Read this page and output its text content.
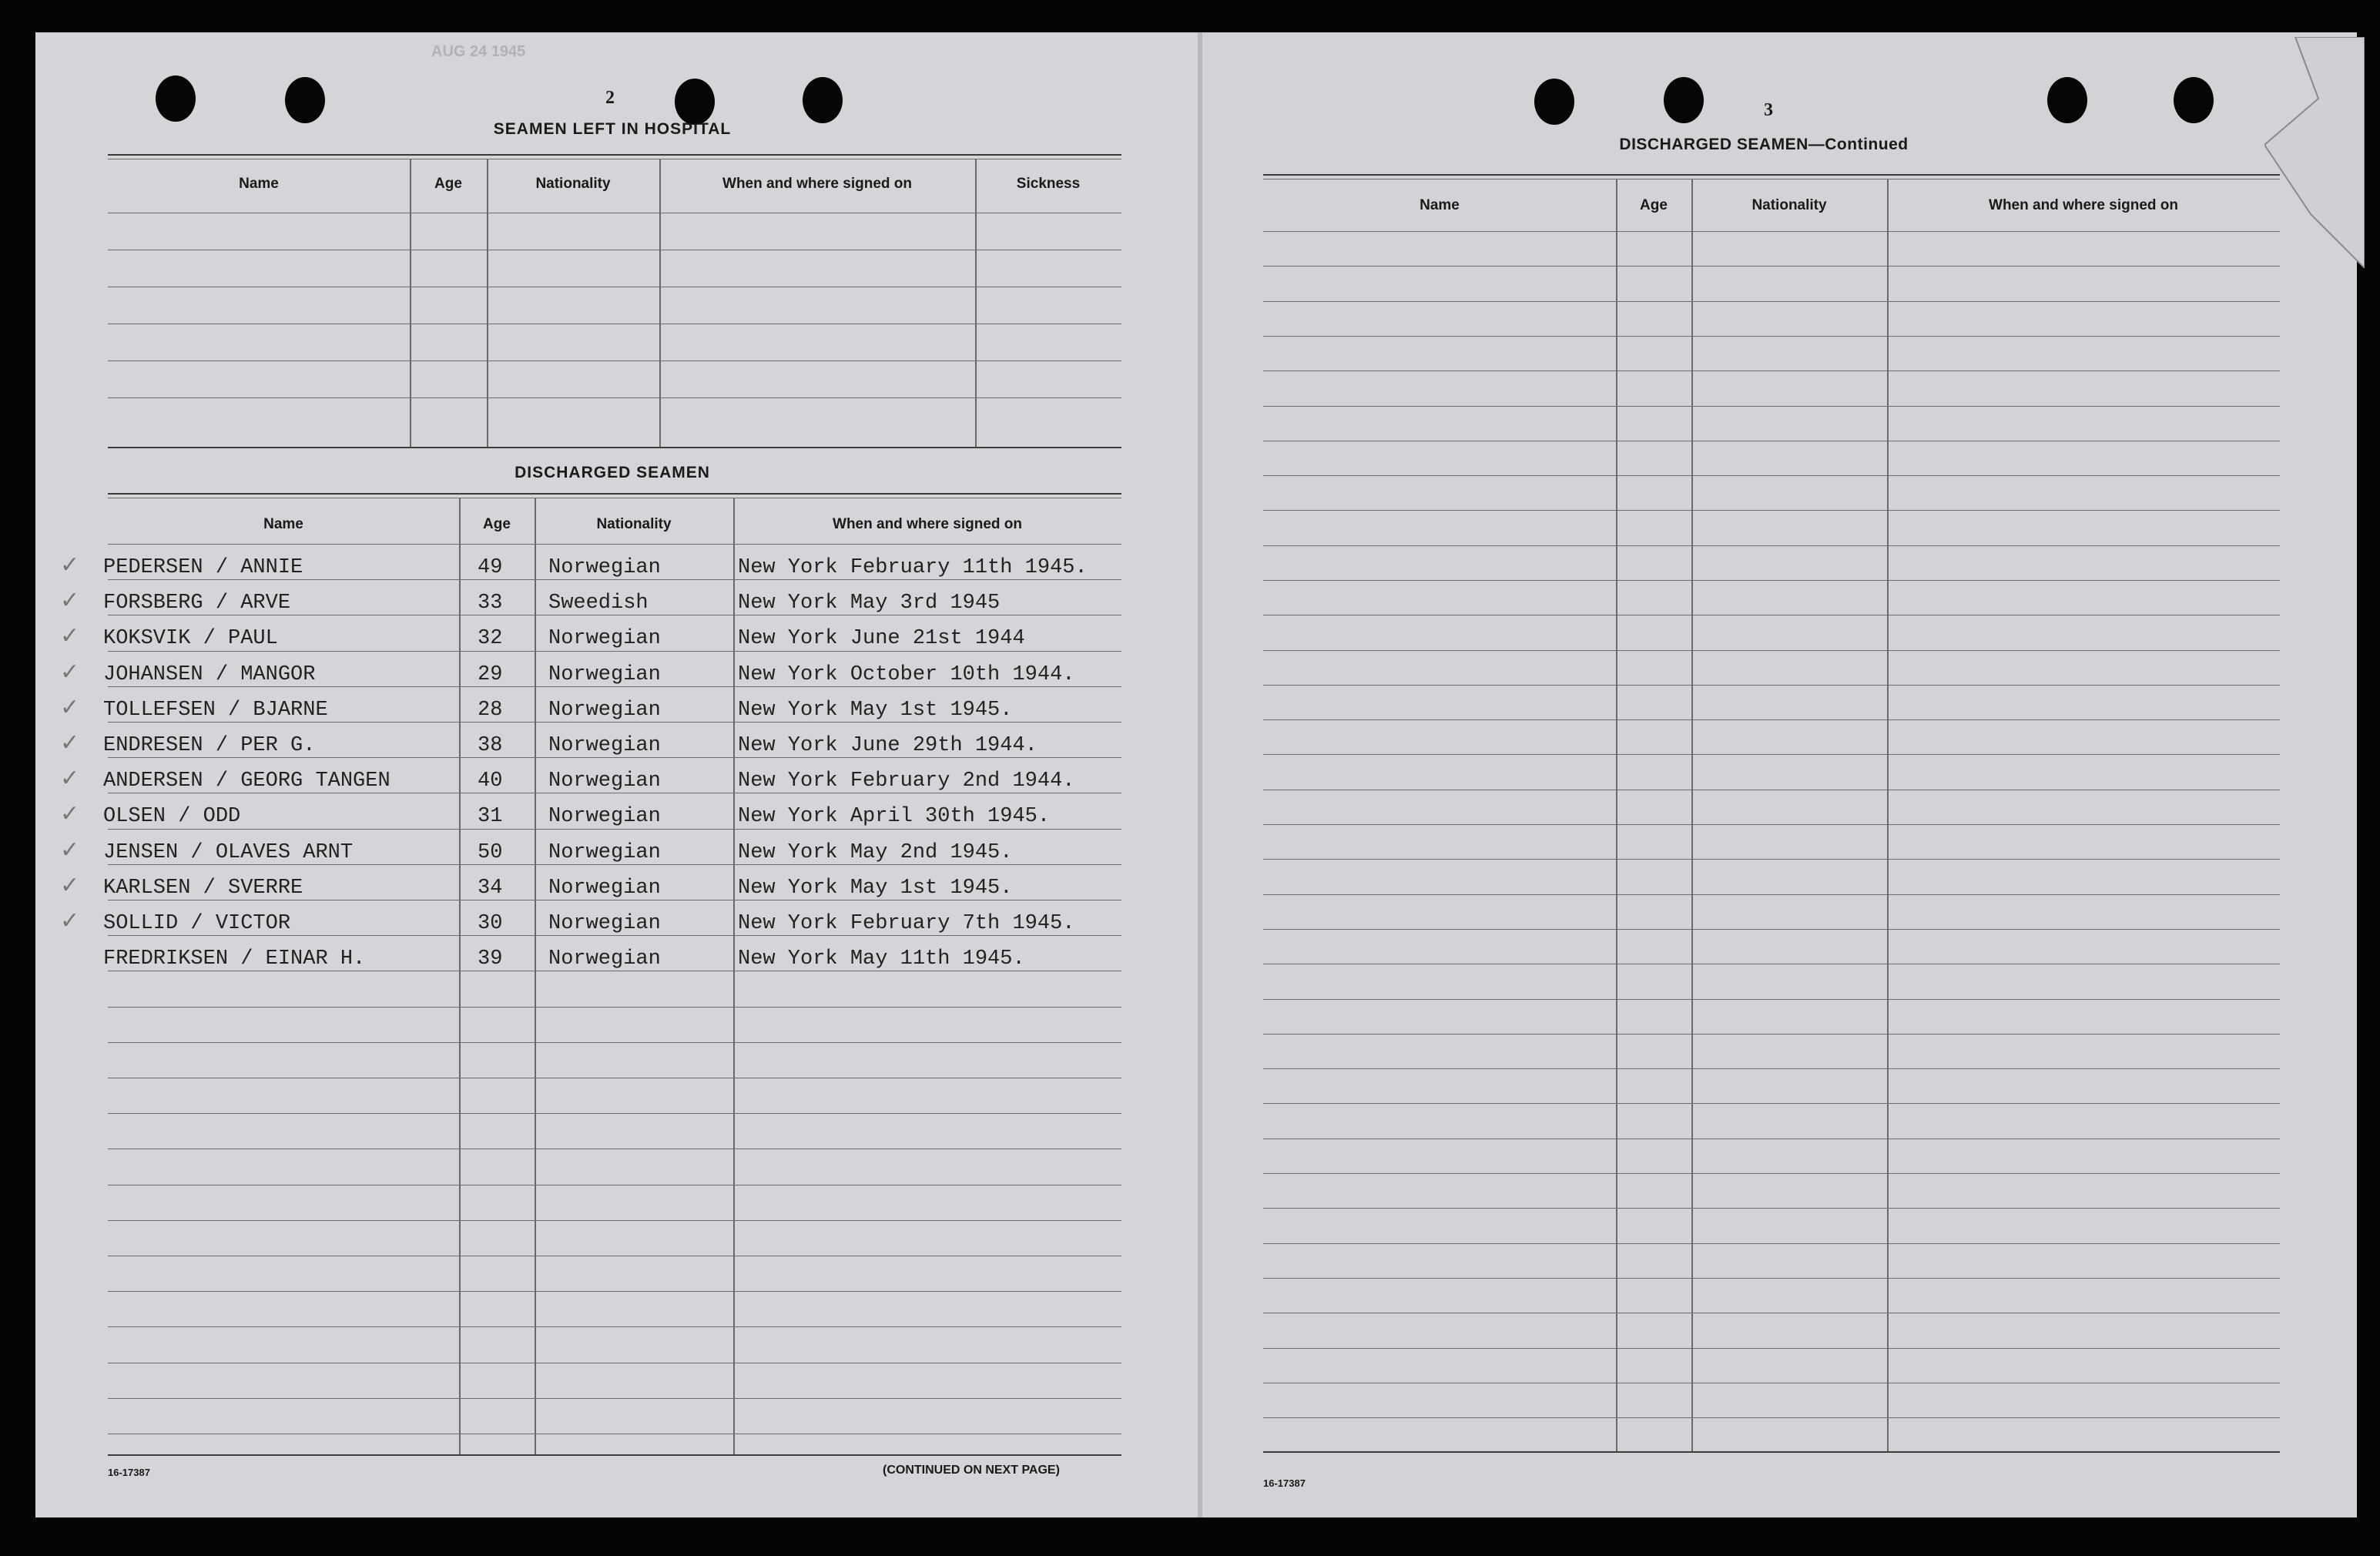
AUG 24 1945
2
SEAMEN LEFT IN HOSPITAL
DISCHARGED SEAMEN
16-17387	(CONTINUED ON NEXT PAGE)
3
DISCHARGED SEAMEN—Continued
16-17387
Name	Age	Nationality	When and where signed on	Sickness
Name	Age	Nationality	When and where signed on
✓ PEDERSEN / ANNIE	49 Norwegian	New York February 11th 1945.
✓ FORSBERG / ARVE	33 Sweedish	New York May 3rd 1945
✓ KOKSVIK / PAUL	32 Norwegian	New York June 21st 1944
✓ JOHANSEN / MANGOR	29 Norwegian	New York October 10th 1944.
✓ TOLLEFSEN / BJARNE	28 Norwegian	New York May 1st 1945.
✓ ENDRESEN / PER G.	38 Norwegian	New York June 29th 1944.
✓ ANDERSEN / GEORG TANGEN	40 Norwegian	New York February 2nd 1944.
✓ OLSEN / ODD	31 Norwegian	New York April 30th 1945.
✓ JENSEN / OLAVES ARNT	50 Norwegian	New York May 2nd 1945.
✓ KARLSEN / SVERRE	34 Norwegian	New York May 1st 1945.
✓ SOLLID / VICTOR	30 Norwegian	New York February 7th 1945.
FREDRIKSEN / EINAR H.	39 Norwegian	New York May 11th 1945.
Name	Age	Nationality	When and where signed on
